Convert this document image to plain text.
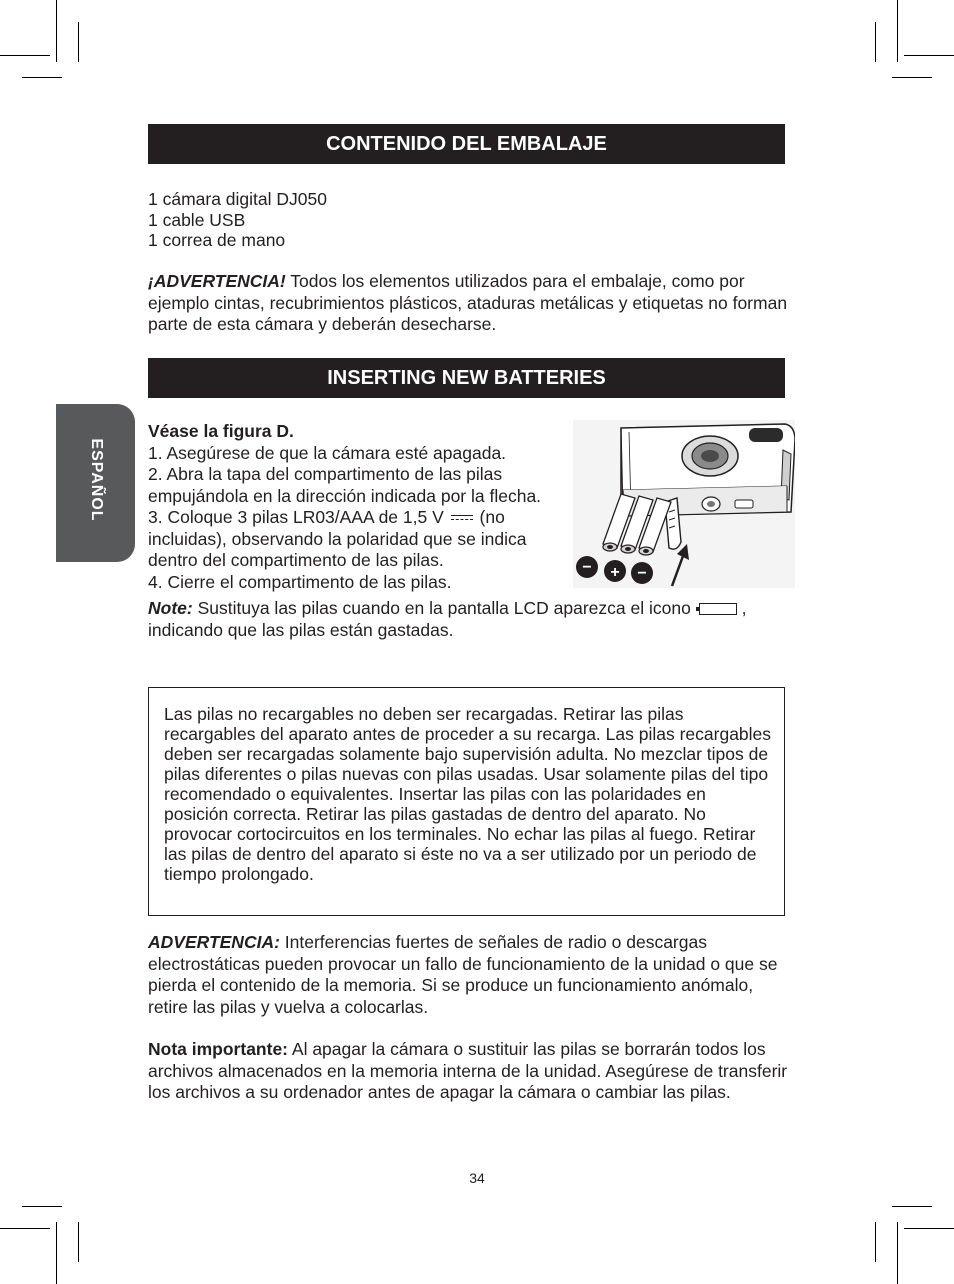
CONTENIDO DEL EMBALAJE
1 cámara digital DJ050
1 cable USB
1 correa de mano
¡ADVERTENCIA! Todos los elementos utilizados para el embalaje, como por ejemplo cintas, recubrimientos plásticos, ataduras metálicas y etiquetas no forman parte de esta cámara y deberán desecharse.
ESPAÑOL
INSERTING NEW BATTERIES
Véase la figura D.
1. Asegúrese de que la cámara esté apagada.
2. Abra la tapa del compartimento de las pilas
empujándola en la dirección indicada por la flecha.
3. Coloque 3 pilas LR03/AAA de 1,5 V  (no
incluidas), observando la polaridad que se indica
dentro del compartimento de las pilas.
4. Cierre el compartimento de las pilas.
− + −
Note: Sustituya las pilas cuando en la pantalla LCD aparezca el icono	,
indicando que las pilas están gastadas.
Las pilas no recargables no deben ser recargadas. Retirar las pilas recargables del aparato antes de proceder a su recarga. Las pilas recargables deben ser recargadas solamente bajo supervisión adulta. No mezclar tipos de pilas diferentes o pilas nuevas con pilas usadas. Usar solamente pilas del tipo recomendado o equivalentes. Insertar las pilas con las polaridades en posición correcta. Retirar las pilas gastadas de dentro del aparato. No provocar cortocircuitos en los terminales. No echar las pilas al fuego. Retirar las pilas de dentro del aparato si éste no va a ser utilizado por un periodo de tiempo prolongado.
ADVERTENCIA: Interferencias fuertes de señales de radio o descargas electrostáticas pueden provocar un fallo de funcionamiento de la unidad o que se pierda el contenido de la memoria. Si se produce un funcionamiento anómalo, retire las pilas y vuelva a colocarlas.
Nota importante: Al apagar la cámara o sustituir las pilas se borrarán todos los archivos almacenados en la memoria interna de la unidad. Asegúrese de transferir los archivos a su ordenador antes de apagar la cámara o cambiar las pilas.
34
